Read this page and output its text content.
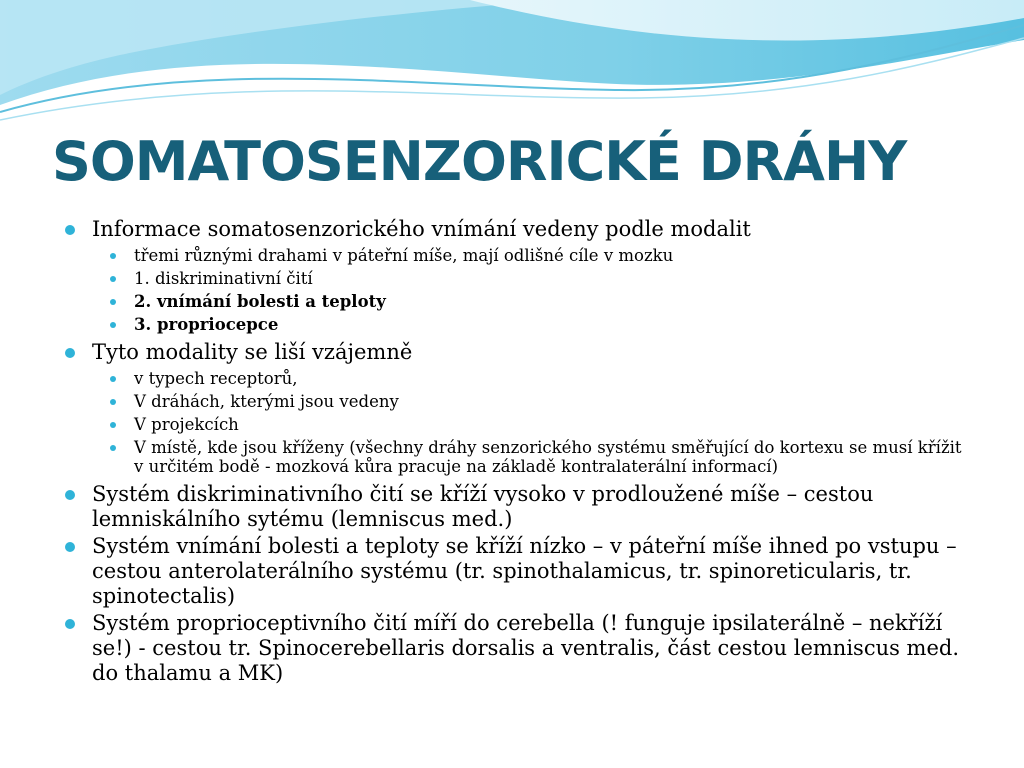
SOMATOSENZORICKÉ DRÁHY
Informace somatosenzorického vnímání vedeny podle modalit
třemi různými drahami v páteřní míše, mají odlišné cíle v mozku
1. diskriminativní čití
2. vnímání bolesti a teploty
3. propriocepce
Tyto modality se liší vzájemně
v typech receptorů,
V dráhách, kterými jsou vedeny
V projekcích
V místě, kde jsou kříženy (všechny dráhy senzorického systému směřující do kortexu se musí křížit v určitém bodě - mozková kůra pracuje na základě kontralaterální informací)
Systém diskriminativního čití se kříží vysoko v prodloužené míše – cestou lemniskálního sytému (lemniscus med.)
Systém vnímání bolesti a teploty se kříží nízko – v páteřní míše ihned po vstupu – cestou anterolaterálního systému (tr. spinothalamicus, tr. spinoreticularis, tr. spinotectalis)
Systém proprioceptivního čití míří do cerebella (! funguje ipsilaterálně – nekříží se!) - cestou tr. Spinocerebellaris dorsalis a ventralis, část cestou lemniscus med. do thalamu a MK)
